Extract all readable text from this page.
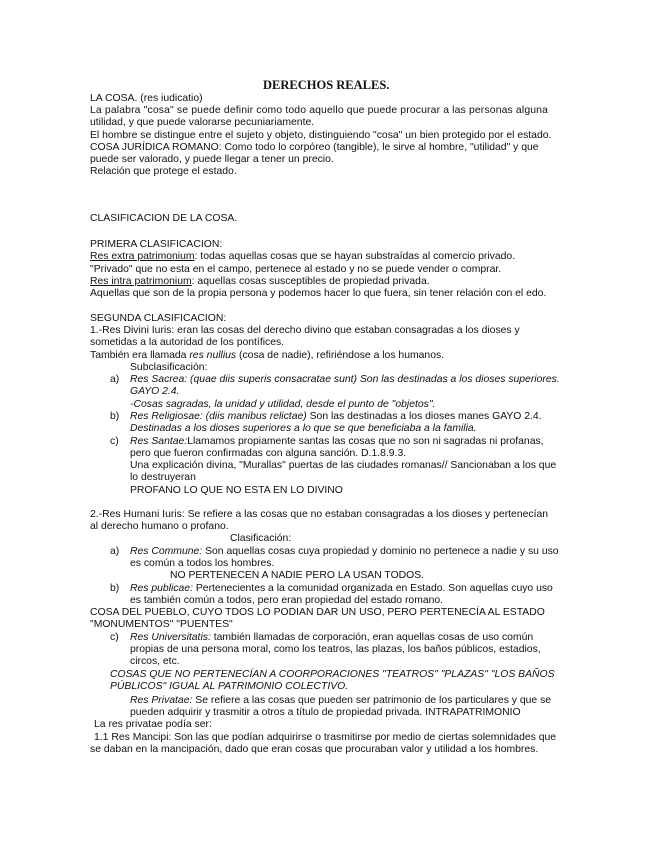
DERECHOS REALES.
LA COSA. (res iudicatio)
La palabra "cosa" se puede definir como todo aquello que puede procurar a las personas alguna
utilidad, y que puede valorarse pecuniariamente.
El hombre se distingue entre el sujeto y objeto, distinguiendo "cosa" un bien protegido por el estado.
COSA JURÍDICA ROMANO: Como todo lo corpóreo (tangible), le sirve al hombre, "utilidad" y que
puede ser valorado, y puede llegar a tener un precio.
Relación que protege el estado.
CLASIFICACION DE LA COSA.
PRIMERA CLASIFICACION:
Res extra patrimonium: todas aquellas cosas que se hayan substraídas al comercio privado.
"Privado" que no esta en el campo, pertenece al estado y no se puede vender o comprar.
Res intra patrimonium: aquellas cosas susceptibles de propiedad privada.
Aquellas que son de la propia persona y podemos hacer lo que fuera, sin tener relación con el edo.
SEGUNDA CLASIFICACION:
1.-Res Divini Iuris: eran las cosas del derecho divino que estaban consagradas a los dioses y
sometidas a la autoridad de los pontífices.
También era llamada res nullius (cosa de nadie), refiriéndose a los humanos.
Subclasificación:
a) Res Sacrea: (quae diis superis consacratae sunt) Son las destinadas a los dioses superiores.
GAYO 2.4.
-Cosas sagradas, la unidad y utilidad, desde el punto de "objetos".
b) Res Religiosae: (diis manibus relictae) Son las destinadas a los dioses manes GAYO 2.4.
Destinadas a los dioses superiores a lo que se que beneficiaba a la familia.
c) Res Santae:Llamamos propiamente santas las cosas que no son ni sagradas ni profanas,
pero que fueron confirmadas con alguna sanción. D.1.8.9.3.
Una explicación divina, "Murallas" puertas de las ciudades romanas// Sancionaban a los que
lo destruyeran
PROFANO LO QUE NO ESTA EN LO DIVINO
2.-Res Humani Iuris: Se refiere a las cosas que no estaban consagradas a los dioses y pertenecían
al derecho humano o profano.
Clasificación:
a) Res Commune: Son aquellas cosas cuya propiedad y dominio no pertenece a nadie y su uso
es común a todos los hombres.
NO PERTENECEN A NADIE PERO LA USAN TODOS.
b) Res publicae: Pertenecientes a la comunidad organizada en Estado. Son aquellas cuyo uso
es también común a todos, pero eran propiedad del estado romano.
COSA DEL PUEBLO, CUYO TDOS LO PODIAN DAR UN USO, PERO PERTENECÍA AL ESTADO
"MONUMENTOS" "PUENTES"
c) Res Universitatis: también llamadas de corporación, eran aquellas cosas de uso común
propias de una persona moral, como los teatros, las plazas, los baños públicos, estadios,
circos, etc.
COSAS QUE NO PERTENECÍAN A COORPORACIONES "TEATROS" "PLAZAS" "LOS BAÑOS
PÚBLICOS" IGUAL AL PATRIMONIO COLECTIVO.
Res Privatae: Se refiere a las cosas que pueden ser patrimonio de los particulares y que se
pueden adquirir y trasmitir a otros a título de propiedad privada. INTRAPATRIMONIO
La res privatae podía ser:
1.1 Res Mancipi: Son las que podían adquirirse o trasmitirse por medio de ciertas solemnidades que
se daban en la mancipación, dado que eran cosas que procuraban valor y utilidad a los hombres.
